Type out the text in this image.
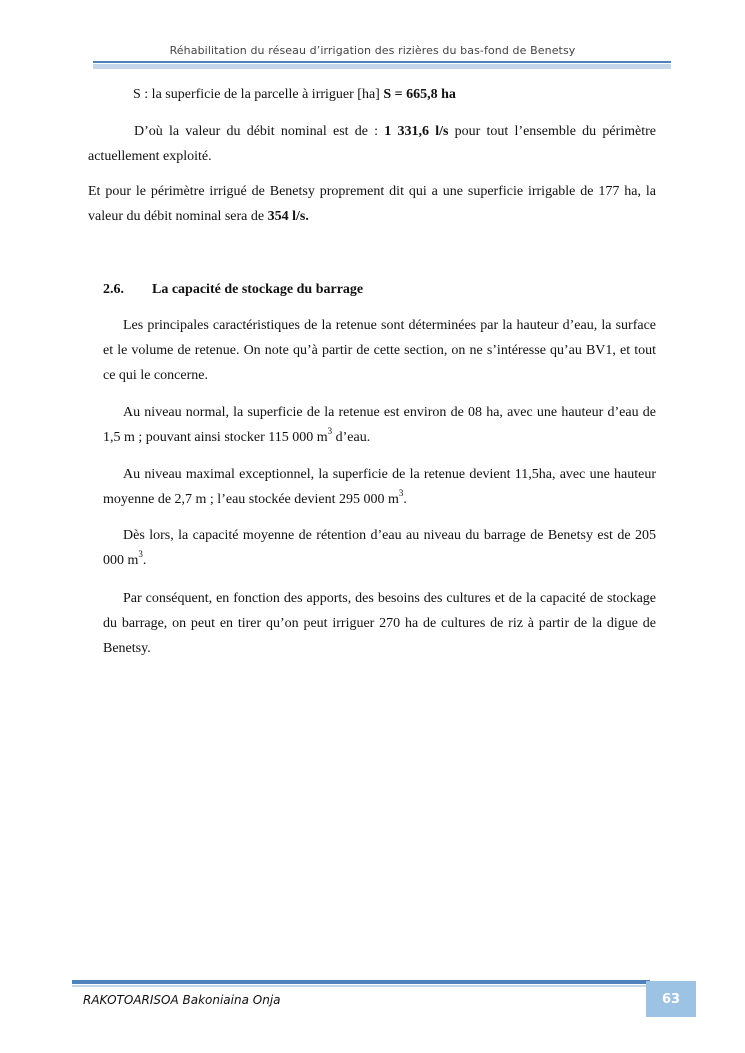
Réhabilitation du réseau d’irrigation des rizières du bas-fond de Benetsy
S : la superficie de la parcelle à irriguer [ha] S = 665,8 ha
D’où la valeur du débit nominal est de : 1 331,6 l/s pour tout l’ensemble du périmètre
actuellement exploité.
Et pour le périmètre irrigué de Benetsy proprement dit qui a une superficie irrigable de 177 ha, la valeur du débit nominal sera de 354 l/s.
2.6. La capacité de stockage du barrage
Les principales caractéristiques de la retenue sont déterminées par la hauteur d’eau, la surface et le volume de retenue. On note qu’à partir de cette section, on ne s’intéresse qu’au BV1, et tout ce qui le concerne.
Au niveau normal, la superficie de la retenue est environ de 08 ha, avec une hauteur d’eau de 1,5 m ; pouvant ainsi stocker 115 000 $m^3$ d’eau.
Au niveau maximal exceptionnel, la superficie de la retenue devient 11,5ha, avec une hauteur moyenne de 2,7 m ; l’eau stockée devient 295 000 $m^3$.
Dès lors, la capacité moyenne de rétention d’eau au niveau du barrage de Benetsy est de 205 000 $m^3$.
Par conséquent, en fonction des apports, des besoins des cultures et de la capacité de stockage du barrage, on peut en tirer qu’on peut irriguer 270 ha de cultures de riz à partir de la digue de Benetsy.
RAKOTOARISOA Bakoniaina Onja	63
